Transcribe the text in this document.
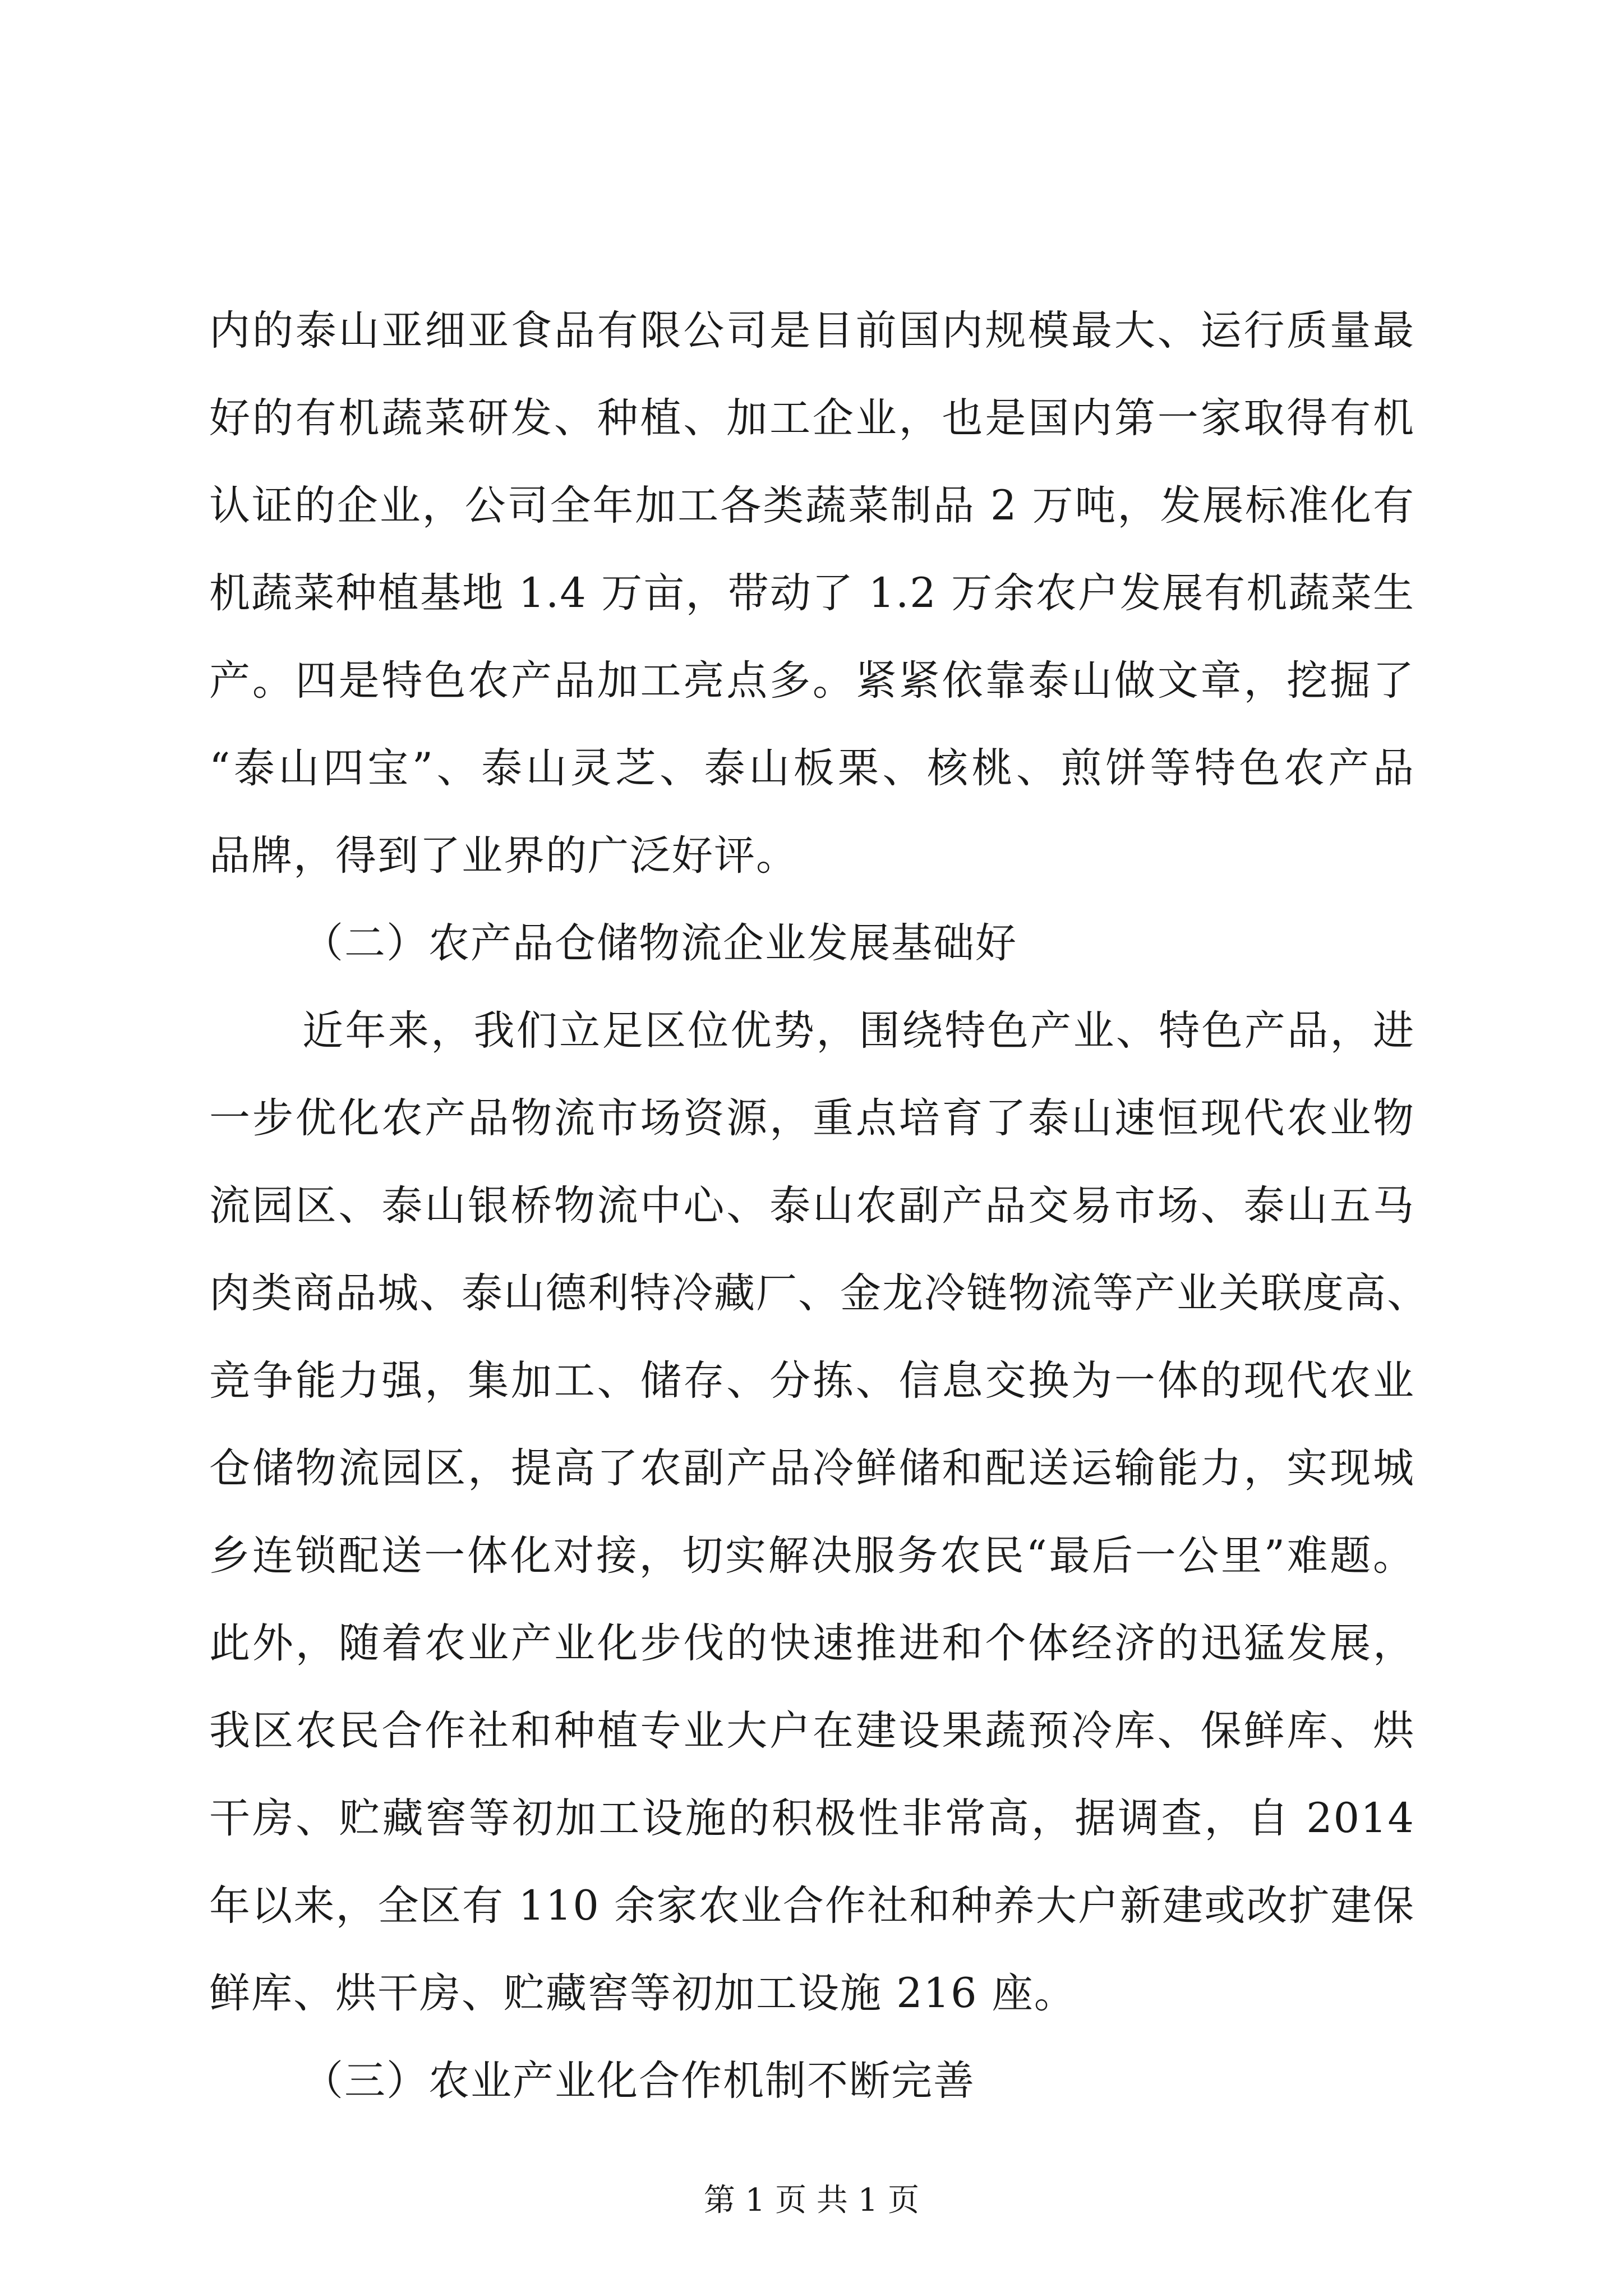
内的泰山亚细亚食品有限公司是目前国内规模最大、运行质量最
好的有机蔬菜研发、种植、加工企业，也是国内第一家取得有机
认证的企业，公司全年加工各类蔬菜制品 2 万吨，发展标准化有
机蔬菜种植基地 1.4 万亩，带动了 1.2 万余农户发展有机蔬菜生
产。四是特色农产品加工亮点多。紧紧依靠泰山做文章，挖掘了
“泰山四宝”、泰山灵芝、泰山板栗、核桃、煎饼等特色农产品
品牌，得到了业界的广泛好评。
（二）农产品仓储物流企业发展基础好
近年来，我们立足区位优势，围绕特色产业、特色产品，进
一步优化农产品物流市场资源，重点培育了泰山速恒现代农业物
流园区、泰山银桥物流中心、泰山农副产品交易市场、泰山五马
肉类商品城、泰山德利特冷藏厂、金龙冷链物流等产业关联度高、
竞争能力强，集加工、储存、分拣、信息交换为一体的现代农业
仓储物流园区，提高了农副产品冷鲜储和配送运输能力，实现城
乡连锁配送一体化对接，切实解决服务农民“最后一公里”难题。
此外，随着农业产业化步伐的快速推进和个体经济的迅猛发展，
我区农民合作社和种植专业大户在建设果蔬预冷库、保鲜库、烘
干房、贮藏窖等初加工设施的积极性非常高，据调查，自 2014
年以来，全区有 110 余家农业合作社和种养大户新建或改扩建保
鲜库、烘干房、贮藏窖等初加工设施 216 座。
（三）农业产业化合作机制不断完善
第 1 页 共 1 页
